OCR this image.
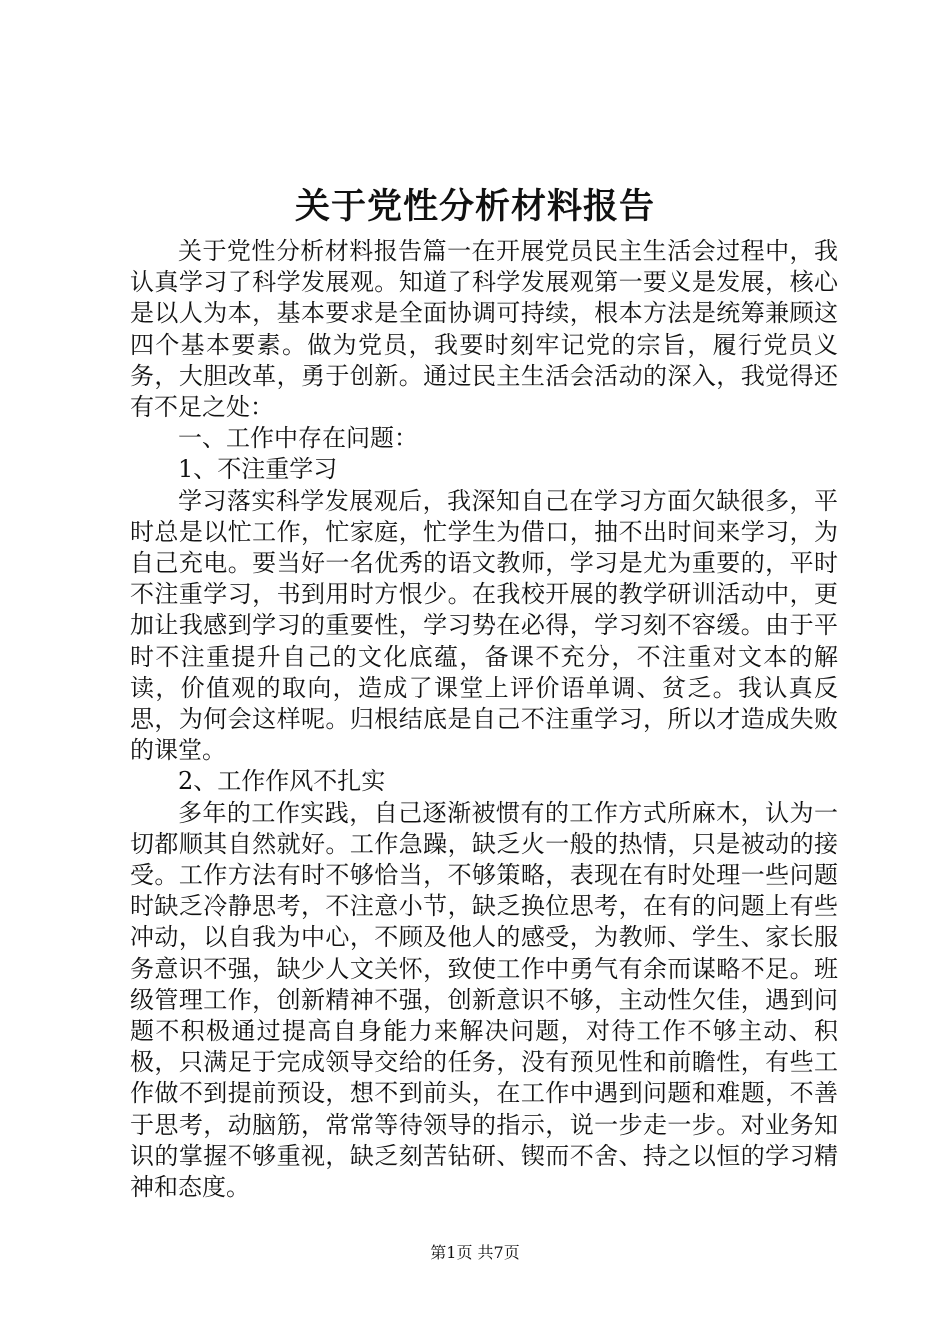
关于党性分析材料报告

关于党性分析材料报告篇一在开展党员民主生活会过程中，我认真学习了科学发展观。知道了科学发展观第一要义是发展，核心是以人为本，基本要求是全面协调可持续，根本方法是统筹兼顾这四个基本要素。做为党员，我要时刻牢记党的宗旨，履行党员义务，大胆改革，勇于创新。通过民主生活会活动的深入，我觉得还有不足之处：

一、工作中存在问题：

1、不注重学习

学习落实科学发展观后，我深知自己在学习方面欠缺很多，平时总是以忙工作，忙家庭，忙学生为借口，抽不出时间来学习，为自己充电。要当好一名优秀的语文教师，学习是尤为重要的，平时不注重学习，书到用时方恨少。在我校开展的教学研训活动中，更加让我感到学习的重要性，学习势在必得，学习刻不容缓。由于平时不注重提升自己的文化底蕴，备课不充分，不注重对文本的解读，价值观的取向，造成了课堂上评价语单调、贫乏。我认真反思，为何会这样呢。归根结底是自己不注重学习，所以才造成失败的课堂。

2、工作作风不扎实

多年的工作实践，自己逐渐被惯有的工作方式所麻木，认为一切都顺其自然就好。工作急躁，缺乏火一般的热情，只是被动的接受。工作方法有时不够恰当，不够策略，表现在有时处理一些问题时缺乏冷静思考，不注意小节，缺乏换位思考，在有的问题上有些冲动，以自我为中心，不顾及他人的感受，为教师、学生、家长服务意识不强，缺少人文关怀，致使工作中勇气有余而谋略不足。班级管理工作，创新精神不强，创新意识不够，主动性欠佳，遇到问题不积极通过提高自身能力来解决问题，对待工作不够主动、积极，只满足于完成领导交给的任务，没有预见性和前瞻性，有些工作做不到提前预设，想不到前头，在工作中遇到问题和难题，不善于思考，动脑筋，常常等待领导的指示，说一步走一步。对业务知识的掌握不够重视，缺乏刻苦钻研、锲而不舍、持之以恒的学习精神和态度。

第1页 共7页
